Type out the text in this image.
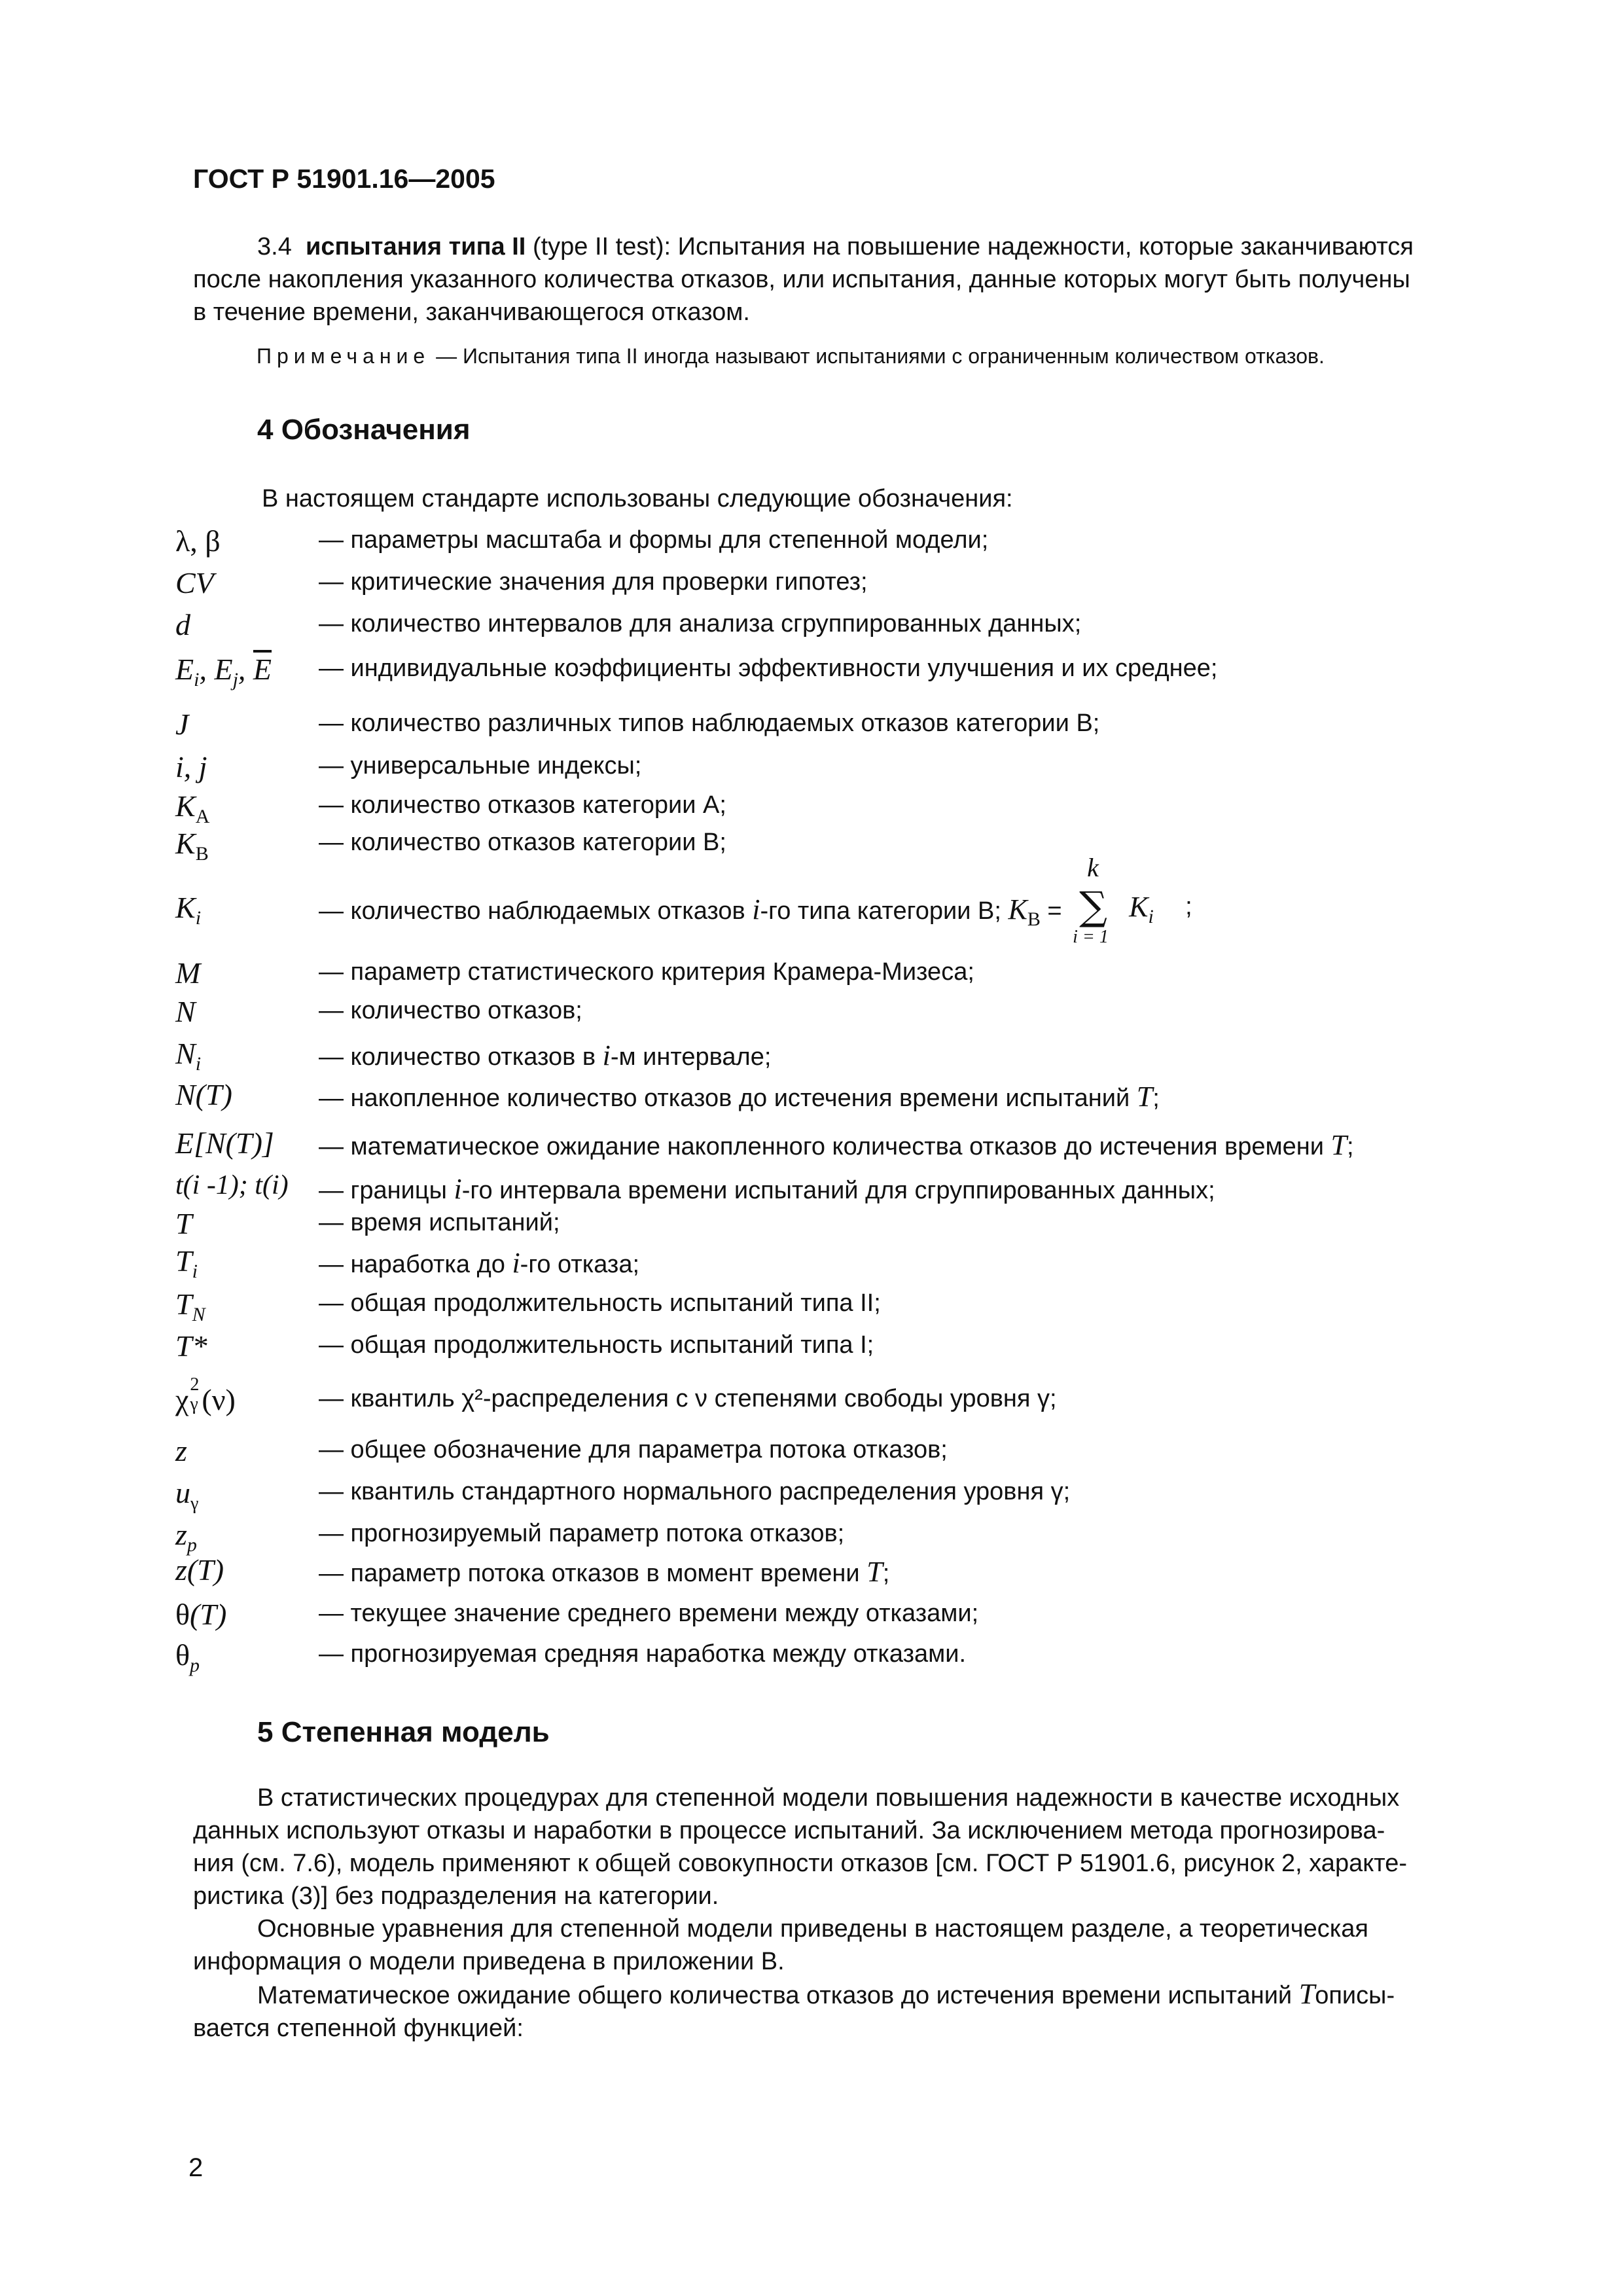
ГОСТ Р 51901.16—2005
3.4 испытания типа II (type II test): Испытания на повышение надежности, которые заканчиваются
после накопления указанного количества отказов, или испытания, данные которых могут быть получены
в течение времени, заканчивающегося отказом.
Примечание — Испытания типа II иногда называют испытаниями с ограниченным количеством отказов.
4 Обозначения
В настоящем стандарте использованы следующие обозначения:
λ, β	— параметры масштаба и формы для степенной модели;
CV	— критические значения для проверки гипотез;
d	— количество интервалов для анализа сгруппированных данных;
$E_i$, $E_j$, $\overline{E}$ — индивидуальные коэффициенты эффективности улучшения и их среднее;
J	— количество различных типов наблюдаемых отказов категории В;
i, j	— универсальные индексы;
$K_A$	— количество отказов категории А;
$K_B$	— количество отказов категории В;
$K_i$	— количество наблюдаемых отказов i-го типа категории В; $K_B$ =
k
∑
i = 1
$K_i$ ;
M	— параметр статистического критерия Крамера-Мизеса;
N	— количество отказов;
$N_i$	— количество отказов в i-м интервале;
N(T)	— накопленное количество отказов до истечения времени испытаний T;
E[N(T)] — математическое ожидание накопленного количества отказов до истечения времени T;
t(i -1); t(i) — границы i-го интервала времени испытаний для сгруппированных данных;
T	— время испытаний;
$T_i$	— наработка до i-го отказа;
$T_N$	— общая продолжительность испытаний типа II;
T*	— общая продолжительность испытаний типа I;
χ 2
γ (ν)	— квантиль χ²-распределения с ν степенями свободы уровня γ;
z	— общее обозначение для параметра потока отказов;
$u_\gamma$	— квантиль стандартного нормального распределения уровня γ;
$z_p$	— прогнозируемый параметр потока отказов;
z(T)	— параметр потока отказов в момент времени T;
θ(T)	— текущее значение среднего времени между отказами;
$\theta_p$	— прогнозируемая средняя наработка между отказами.
5 Степенная модель
В статистических процедурах для степенной модели повышения надежности в качестве исходных
данных используют отказы и наработки в процессе испытаний. За исключением метода прогнозирова-
ния (см. 7.6), модель применяют к общей совокупности отказов [см. ГОСТ Р 51901.6, рисунок 2, характе-
ристика (3)] без подразделения на категории.
Основные уравнения для степенной модели приведены в настоящем разделе, а теоретическая
информация о модели приведена в приложении В.
Математическое ожидание общего количества отказов до истечения времени испытаний Tописы-
вается степенной функцией:
2
